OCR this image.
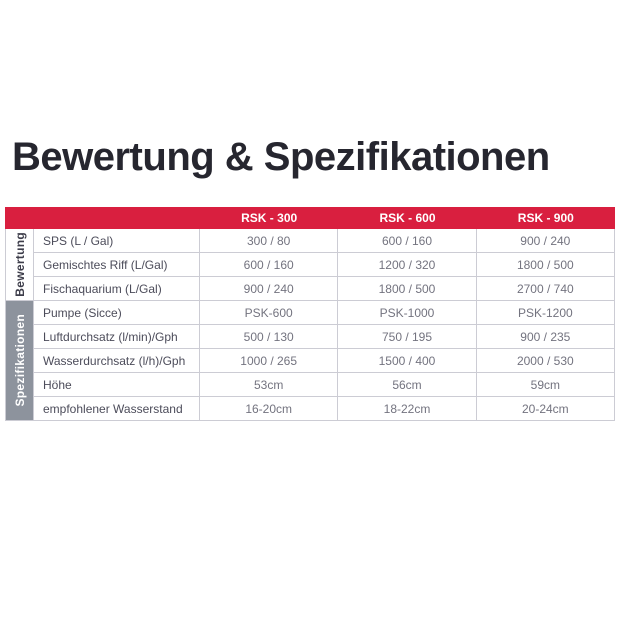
Bewertung & Spezifikationen
RSK - 300	RSK - 600	RSK - 900
Bewertung
Spezifikationen
SPS (L / Gal)	300 / 80	600 / 160	900 / 240
Gemischtes Riff (L/Gal)	600 / 160	1200 / 320	1800 / 500
Fischaquarium (L/Gal)	900 / 240	1800 / 500	2700 / 740
Pumpe (Sicce)	PSK-600	PSK-1000	PSK-1200
Luftdurchsatz (l/min)/Gph	500 / 130	750 / 195	900 / 235
Wasserdurchsatz (l/h)/Gph	1000 / 265	1500 / 400	2000 / 530
Höhe	53cm	56cm	59cm
empfohlener Wasserstand	16-20cm	18-22cm	20-24cm
